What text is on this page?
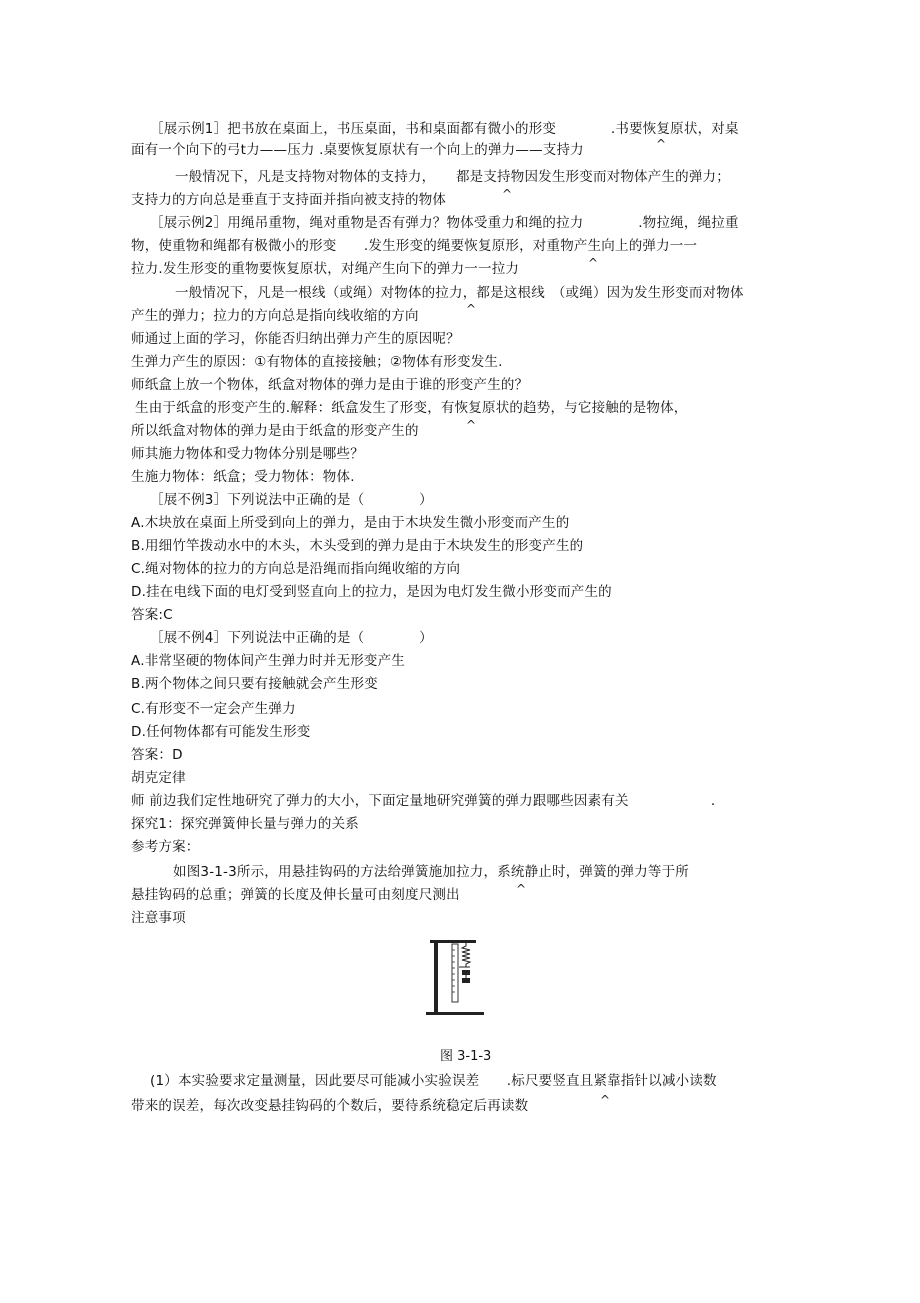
［展示例1］把书放在桌面上，书压桌面，书和桌面都有微小的形变　　　　.书要恢复原状，对桌
面有一个向下的弓t力——压力 .桌要恢复原状有一个向上的弹力——支持力	^
一般情况下，凡是支持物对物体的支持力，　　都是支持物因发生形变而对物体产生的弹力；
支持力的方向总是垂直于支持面并指向被支持的物体	^
［展示例2］用绳吊重物，绳对重物是否有弹力？物体受重力和绳的拉力　　　　.物拉绳，绳拉重
物，使重物和绳都有极微小的形变　　.发生形变的绳要恢复原形，对重物产生向上的弹力一一
拉力.发生形变的重物要恢复原状，对绳产生向下的弹力一一拉力	^
一般情况下，凡是一根线（或绳）对物体的拉力，都是这根线　（或绳）因为发生形变而对物体
产生的弹力；拉力的方向总是指向线收缩的方向	^
师通过上面的学习，你能否归纳出弹力产生的原因呢？
生弹力产生的原因：①有物体的直接接触；②物体有形变发生.
师纸盒上放一个物体，纸盒对物体的弹力是由于谁的形变产生的？
生由于纸盒的形变产生的.解释：纸盒发生了形变，有恢复原状的趋势，与它接触的是物体，
所以纸盒对物体的弹力是由于纸盒的形变产生的	^
师其施力物体和受力物体分别是哪些？
生施力物体：纸盒；受力物体：物体.
［展不例3］下列说法中正确的是（　　　　）
A.木块放在桌面上所受到向上的弹力，是由于木块发生微小形变而产生的
B.用细竹竿拨动水中的木头，木头受到的弹力是由于木块发生的形变产生的
C.绳对物体的拉力的方向总是沿绳而指向绳收缩的方向
D.挂在电线下面的电灯受到竖直向上的拉力，是因为电灯发生微小形变而产生的
答案:C
［展不例4］下列说法中正确的是（　　　　）
A.非常坚硬的物体间产生弹力时并无形变产生
B.两个物体之间只要有接触就会产生形变
C.有形变不一定会产生弹力
D.任何物体都有可能发生形变
答案：D
胡克定律
师 前边我们定性地研究了弹力的大小，下面定量地研究弹簧的弹力跟哪些因素有关　　　　　　.
探究1：探究弹簧伸长量与弹力的关系
参考方案：
如图3-1-3所示，用悬挂钩码的方法给弹簧施加拉力，系统静止时，弹簧的弹力等于所
悬挂钩码的总重；弹簧的长度及伸长量可由刻度尺测出	^
注意事项
图 3-1-3
(1）本实验要求定量测量，因此要尽可能减小实验误差　　.标尺要竖直且紧靠指针以减小读数
带来的误差，每次改变悬挂钩码的个数后，要待系统稳定后再读数	^
